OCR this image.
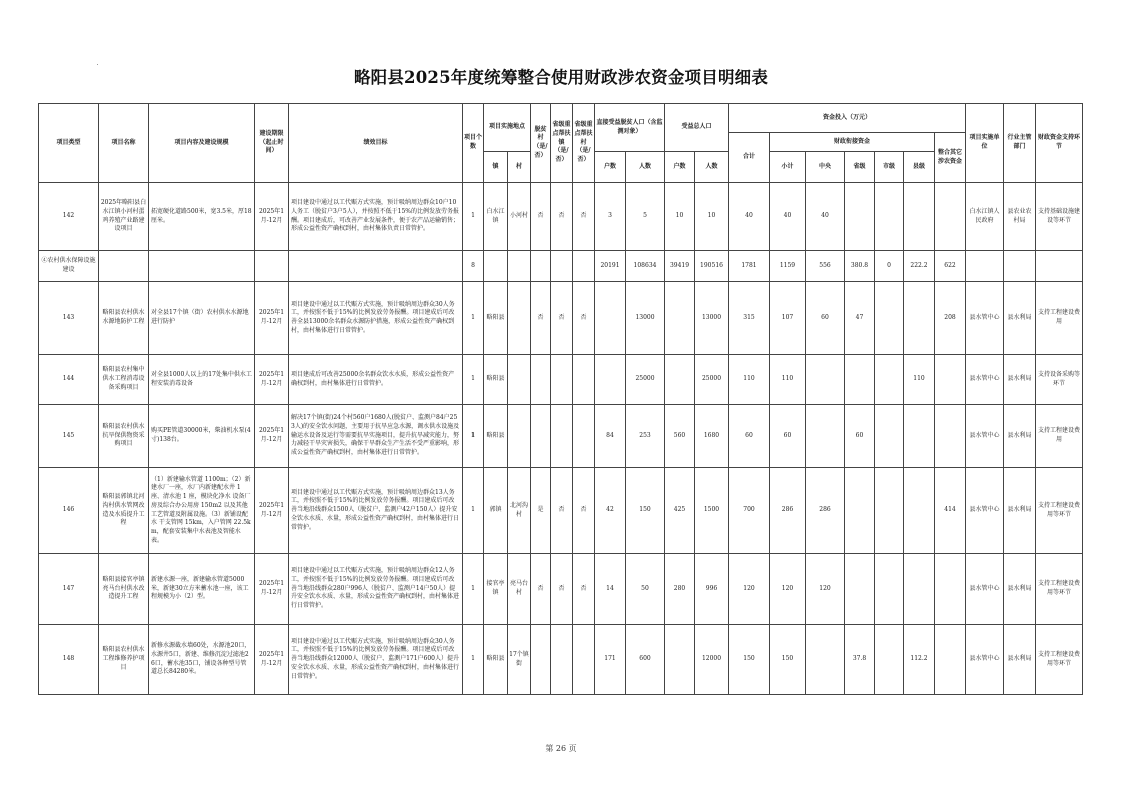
略阳县2025年度统筹整合使用财政涉农资金项目明细表
项目类型	项目名称	项目内容及建设规模	建设期限（起止时间）	绩效目标	项目个数	项目实施地点		脱贫村（是/否）	省级重点帮扶镇（是/否）	省级重点帮扶村（是/否）	直接受益脱贫人口（含监测对象）		受益总人口		资金投入（万元）							项目实施单位	行业主管部门	财政资金支持环节
															合计	财政衔接资金					整合其它涉农资金			
						镇	村				户数	人数	户数	人数		小计	中央	省级	市级	县级				
142	2025年略阳县白水江镇小河村蛋鸡养殖产业路建设项目	拓宽硬化道路500米，宽3.5米，厚18厘米。	2025年1月-12月	项目建设中通过以工代赈方式实施，预计吸纳周边群众10户10人务工（脱贫户3户5人），并按照不低于15%的比例发放劳务报酬。项目建成后，可改善产业发展条件，便于农产品运输销售；形成公益性资产确权到村，由村集体负责日常管护。	1	白水江镇	小河村	否	否	否	3	5	10	10	40	40	40					白水江镇人民政府	县农业农村局	支持基础设施建设等环节
④农村供水保障设施建设					8						20191	108634	39419	190516	1781	1159	556	380.8	0	222.2	622			
143	略阳县农村供水水源地防护工程	对全县17个镇（街）农村供水水源地进行防护	2025年1月-12月	项目建设中通过以工代赈方式实施，预计吸纳周边群众30人务工，并按照不低于15%的比例发放劳务报酬。项目建成后可改善全县13000余名群众水源防护措施，形成公益性资产确权到村，由村集体进行日常管护。	1	略阳县		否	否	否		13000		13000	315	107	60	47			208	县水管中心	县水利局	支持工程建设费用
144	略阳县农村集中供水工程消毒设备采购项目	对全县1000人以上的17处集中供水工程安装消毒设备	2025年1月-12月	项目建成后可改善25000余名群众饮水水质，形成公益性资产确权到村，由村集体进行日常管护。	1	略阳县						25000		25000	110	110				110		县水管中心	县水利局	支持设备采购等环节
145	略阳县农村供水抗旱保供物资采购项目	购买PE管道30000米，柴油机水泵(4寸)138台。	2025年1月-12月	解决17个镇(街)24个村560户1680人(脱贫户、监测户84户253人)的安全饮水问题，主要用于抗旱应急水源，调水供水设施及输运水设备及运行等需要抗旱实施项目，提升抗旱减灾能力，努力减轻干旱灾害损失，确保干旱群众生产生活不受严重影响，形成公益性资产确权到村，由村集体进行日常管护。	1	略阳县					84	253	560	1680	60	60		60				县水管中心	县水利局	支持工程建设费用
146	略阳县郭镇北河沟村供水管网改造及水质提升工程	（1）新建输水管道 1100m；（2）新建水厂一座，水厂内新建配水井 1 座、清水池 1 座，模块化净水 设备厂房及综合办公用房 150m2 以及其他工艺管道及附属设施。（3）新铺设配水 干支管网 15km，入户管网 22.5km，配套安装集中水表池及智能水表。	2025年1月-12月	项目建设中通过以工代赈方式实施，预计吸纳周边群众13人务工，并按照不低于15%的比例发放劳务报酬。项目建成后可改善当地沿线群众1500人（脱贫户、监测户42户150人）提升安全饮水水质、水量，形成公益性资产确权到村，由村集体进行日常管护。	1	郭镇	北河沟村	是	否	否	42	150	425	1500	700	286	286				414	县水管中心	县水利局	支持工程建设费用等环节
147	略阳县接官亭镇亮马台村供水改造提升工程	新建水源一座，新建输水管道5000米，新建30立方米蓄水池一座，该工程规模为小（2）型。	2025年1月-12月	项目建设中通过以工代赈方式实施，预计吸纳周边群众12人务工，并按照不低于15%的比例发放劳务报酬。项目建成后可改善当地沿线群众280户996人（脱贫户、监测户14户50人）提升安全饮水水质、水量，形成公益性资产确权到村，由村集体进行日常管护。	1	接官亭镇	亮马台村	否	否	否	14	50	280	996	120	120	120					县水管中心	县水利局	支持工程建设费用等环节
148	略阳县农村供水工程维修养护项目	新修水源截水墙60处，水源池20口，水源井5口，新建、维修沉淀过滤池26口，蓄水池35口，铺设各种型号管道总长84280米。	2025年1月-12月	项目建设中通过以工代赈方式实施，预计吸纳周边群众30人务工，并按照不低于15%的比例发放劳务报酬。项目建成后可改善当地沿线群众12000人（脱贫户、监测户171户600人）提升安全饮水水质、水量，形成公益性资产确权到村，由村集体进行日常管护。	1	略阳县	17个镇街				171	600		12000	150	150		37.8		112.2		县水管中心	县水利局	支持工程建设费用等环节
第 26 页
